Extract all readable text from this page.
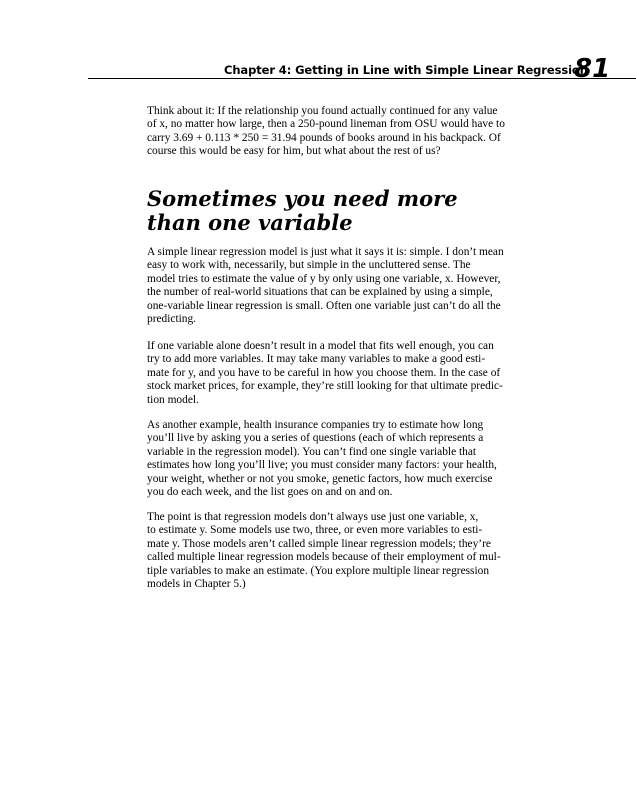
Chapter 4: Getting in Line with Simple Linear Regression
81

Think about it: If the relationship you found actually continued for any value

of x, no matter how large, then a 250-pound lineman from OSU would have to

carry 3.69 + 0.113 * 250 = 31.94 pounds of books around in his backpack. Of

course this would be easy for him, but what about the rest of us?

Sometimes you need more
than one variable

A simple linear regression model is just what it says it is: simple. I don’t mean

easy to work with, necessarily, but simple in the uncluttered sense. The

model tries to estimate the value of y by only using one variable, x. However,

the number of real-world situations that can be explained by using a simple,

one-variable linear regression is small. Often one variable just can’t do all the

predicting.

If one variable alone doesn’t result in a model that fits well enough, you can

try to add more variables. It may take many variables to make a good esti-

mate for y, and you have to be careful in how you choose them. In the case of

stock market prices, for example, they’re still looking for that ultimate predic-

tion model.

As another example, health insurance companies try to estimate how long

you’ll live by asking you a series of questions (each of which represents a

variable in the regression model). You can’t find one single variable that

estimates how long you’ll live; you must consider many factors: your health,

your weight, whether or not you smoke, genetic factors, how much exercise

you do each week, and the list goes on and on and on.

The point is that regression models don’t always use just one variable, x,

to estimate y. Some models use two, three, or even more variables to esti-

mate y. Those models aren’t called simple linear regression models; they’re

called multiple linear regression models because of their employment of mul-

tiple variables to make an estimate. (You explore multiple linear regression

models in Chapter 5.)
